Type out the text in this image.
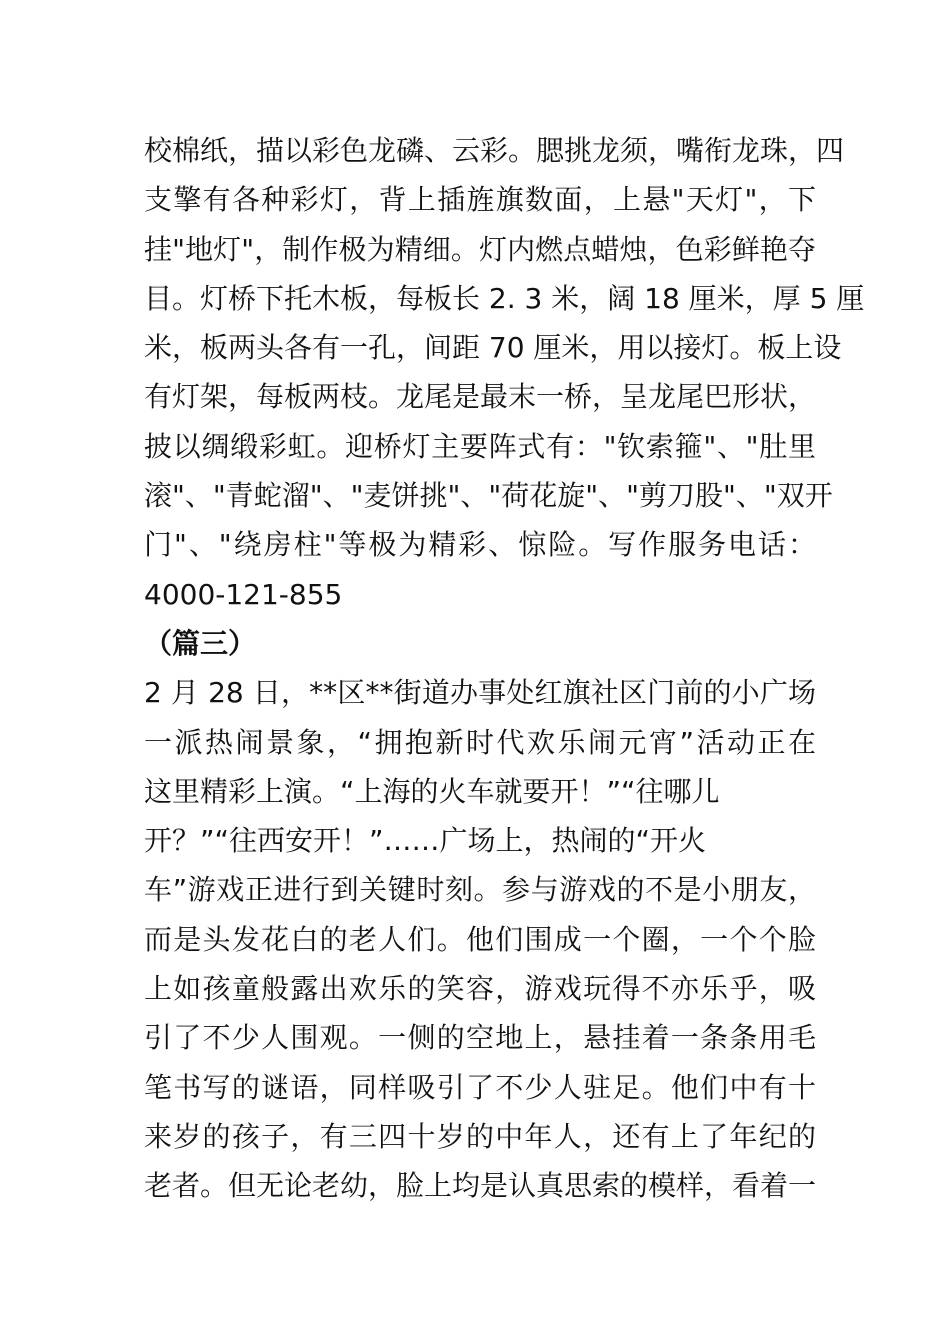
校棉纸，描以彩色龙磷、云彩。腮挑龙须，嘴衔龙珠，四
支擎有各种彩灯，背上插旌旗数面，上悬"天灯"，下
挂"地灯"，制作极为精细。灯内燃点蜡烛，色彩鲜艳夺
目。灯桥下托木板，每板长 2. 3 米，阔 18 厘米，厚 5 厘
米，板两头各有一孔，间距 70 厘米，用以接灯。板上设
有灯架，每板两枝。龙尾是最末一桥，呈龙尾巴形状，
披以绸缎彩虹。迎桥灯主要阵式有："钦索箍"、"肚里
滚"、"青蛇溜"、"麦饼挑"、"荷花旋"、"剪刀股"、"双开
门"、"绕房柱"等极为精彩、惊险。写作服务电话：
4000-121-855
（篇三）
2 月 28 日，**区**街道办事处红旗社区门前的小广场
一派热闹景象，“拥抱新时代欢乐闹元宵”活动正在
这里精彩上演。“上海的火车就要开！”“往哪儿
开？”“往西安开！”……广场上，热闹的“开火
车”游戏正进行到关键时刻。参与游戏的不是小朋友，
而是头发花白的老人们。他们围成一个圈，一个个脸
上如孩童般露出欢乐的笑容，游戏玩得不亦乐乎，吸
引了不少人围观。一侧的空地上，悬挂着一条条用毛
笔书写的谜语，同样吸引了不少人驻足。他们中有十
来岁的孩子，有三四十岁的中年人，还有上了年纪的
老者。但无论老幼，脸上均是认真思索的模样，看着一
